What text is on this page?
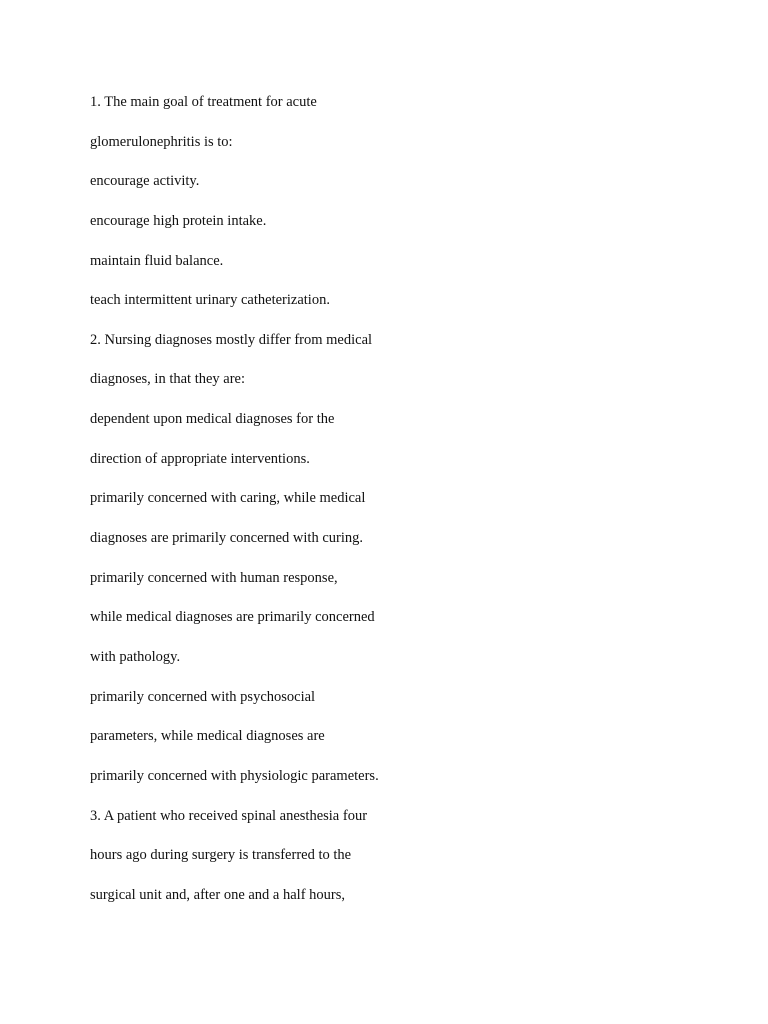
1. The main goal of treatment for acute
glomerulonephritis is to:
encourage activity.
encourage high protein intake.
maintain fluid balance.
teach intermittent urinary catheterization.
2. Nursing diagnoses mostly differ from medical
diagnoses, in that they are:
dependent upon medical diagnoses for the
direction of appropriate interventions.
primarily concerned with caring, while medical
diagnoses are primarily concerned with curing.
primarily concerned with human response,
while medical diagnoses are primarily concerned
with pathology.
primarily concerned with psychosocial
parameters, while medical diagnoses are
primarily concerned with physiologic parameters.
3. A patient who received spinal anesthesia four
hours ago during surgery is transferred to the
surgical unit and, after one and a half hours,
